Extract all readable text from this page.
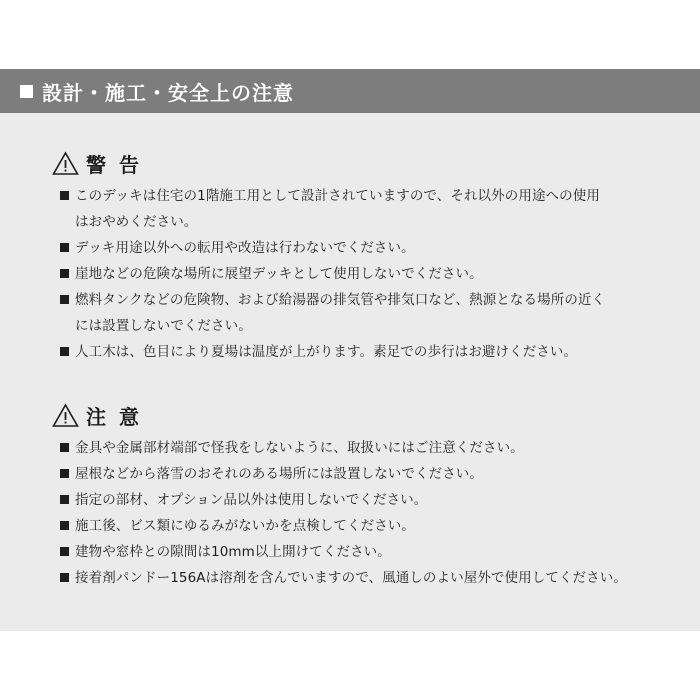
設計・施工・安全上の注意
警 告
このデッキは住宅の1階施工用として設計されていますので、それ以外の用途への使用
はおやめください。
デッキ用途以外への転用や改造は行わないでください。
崖地などの危険な場所に展望デッキとして使用しないでください。
燃料タンクなどの危険物、および給湯器の排気管や排気口など、熱源となる場所の近く
には設置しないでください。
人工木は、色目により夏場は温度が上がります。素足での歩行はお避けください。
注 意
金具や金属部材端部で怪我をしないように、取扱いにはご注意ください。
屋根などから落雪のおそれのある場所には設置しないでください。
指定の部材、オプション品以外は使用しないでください。
施工後、ビス類にゆるみがないかを点検してください。
建物や窓枠との隙間は10mm以上開けてください。
接着剤パンドー156Aは溶剤を含んでいますので、風通しのよい屋外で使用してください。
